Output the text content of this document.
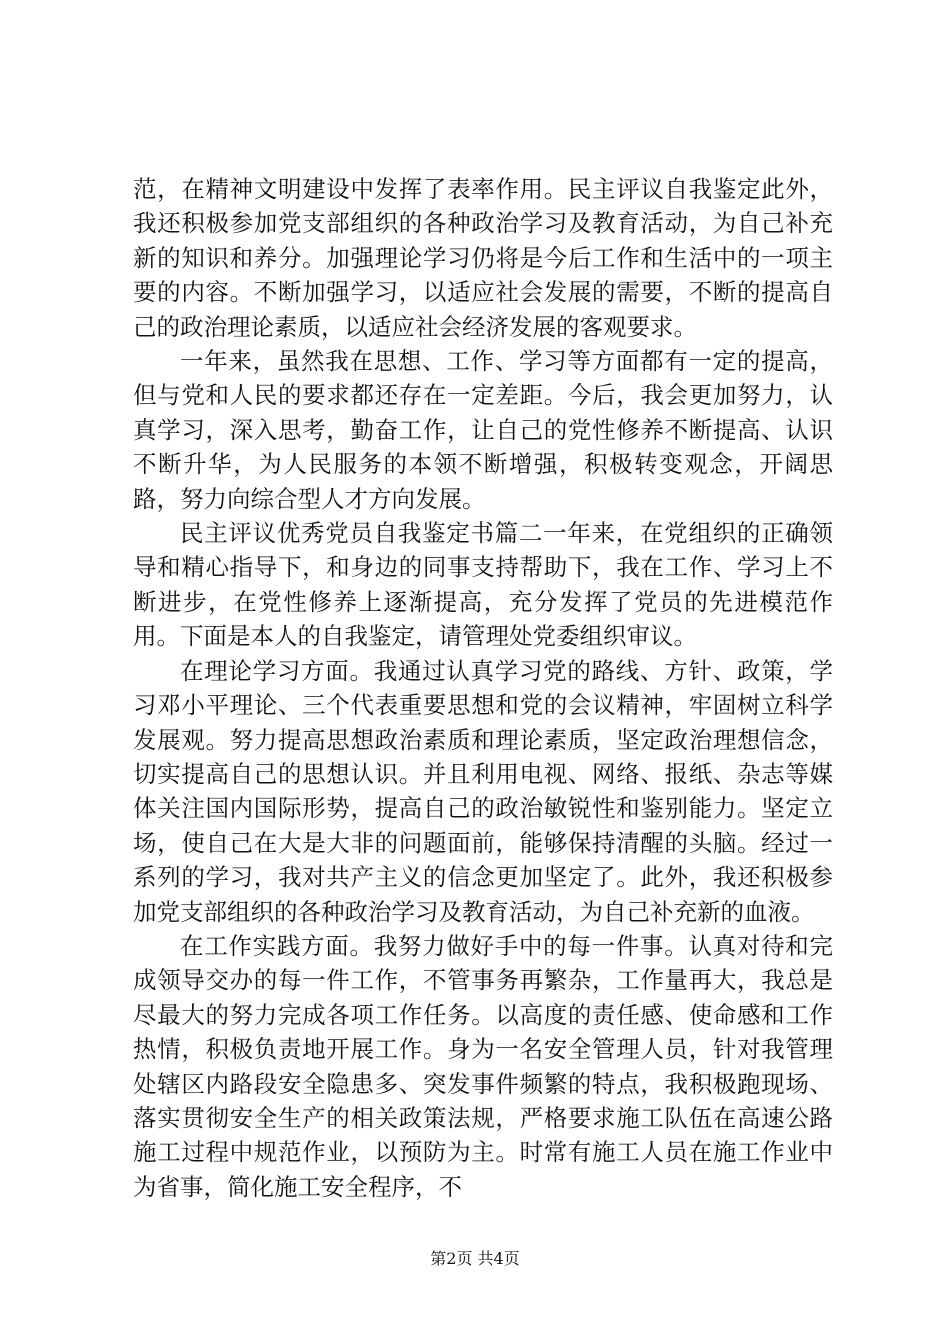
范，在精神文明建设中发挥了表率作用。民主评议自我鉴定此外，我还积极参加党支部组织的各种政治学习及教育活动，为自己补充新的知识和养分。加强理论学习仍将是今后工作和生活中的一项主要的内容。不断加强学习，以适应社会发展的需要，不断的提高自己的政治理论素质，以适应社会经济发展的客观要求。

一年来，虽然我在思想、工作、学习等方面都有一定的提高，但与党和人民的要求都还存在一定差距。今后，我会更加努力，认真学习，深入思考，勤奋工作，让自己的党性修养不断提高、认识不断升华，为人民服务的本领不断增强，积极转变观念，开阔思路，努力向综合型人才方向发展。

民主评议优秀党员自我鉴定书篇二一年来，在党组织的正确领导和精心指导下，和身边的同事支持帮助下，我在工作、学习上不断进步，在党性修养上逐渐提高，充分发挥了党员的先进模范作用。下面是本人的自我鉴定，请管理处党委组织审议。

在理论学习方面。我通过认真学习党的路线、方针、政策，学习邓小平理论、三个代表重要思想和党的会议精神，牢固树立科学发展观。努力提高思想政治素质和理论素质，坚定政治理想信念，切实提高自己的思想认识。并且利用电视、网络、报纸、杂志等媒体关注国内国际形势，提高自己的政治敏锐性和鉴别能力。坚定立场，使自己在大是大非的问题面前，能够保持清醒的头脑。经过一系列的学习，我对共产主义的信念更加坚定了。此外，我还积极参加党支部组织的各种政治学习及教育活动，为自己补充新的血液。

在工作实践方面。我努力做好手中的每一件事。认真对待和完成领导交办的每一件工作，不管事务再繁杂，工作量再大，我总是尽最大的努力完成各项工作任务。以高度的责任感、使命感和工作热情，积极负责地开展工作。身为一名安全管理人员，针对我管理处辖区内路段安全隐患多、突发事件频繁的特点，我积极跑现场、落实贯彻安全生产的相关政策法规，严格要求施工队伍在高速公路施工过程中规范作业，以预防为主。时常有施工人员在施工作业中为省事，简化施工安全程序，不

第2页 共4页
